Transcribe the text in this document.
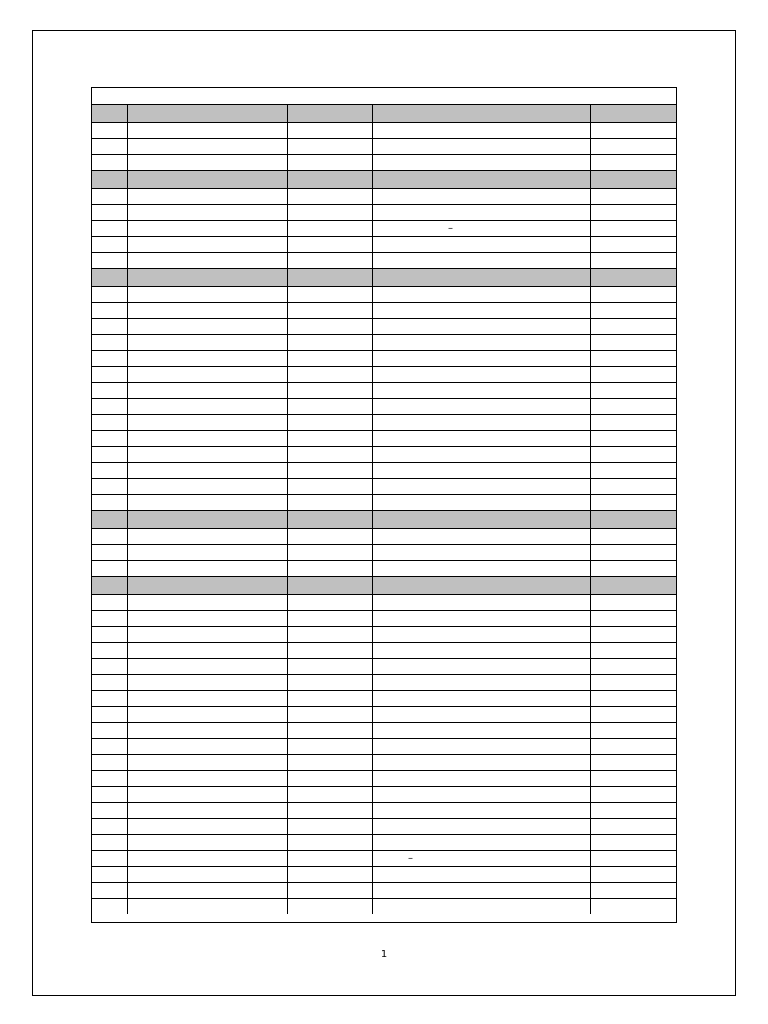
–
–
1
